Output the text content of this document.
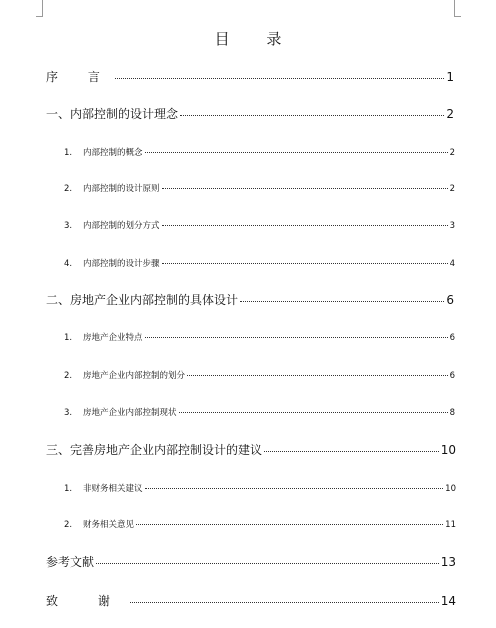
目 录
序 言	1
一、内部控制的设计理念	2
1.	内部控制的概念	2
2.	内部控制的设计原则	2
3.	内部控制的划分方式	3
4.	内部控制的设计步骤	4
二、房地产企业内部控制的具体设计	6
1.	房地产企业特点	6
2.	房地产企业内部控制的划分	6
3.	房地产企业内部控制现状	8
三、完善房地产企业内部控制设计的建议	10
1.	非财务相关建议	10
2.	财务相关意见	11
参考文献	13
致 谢	14
